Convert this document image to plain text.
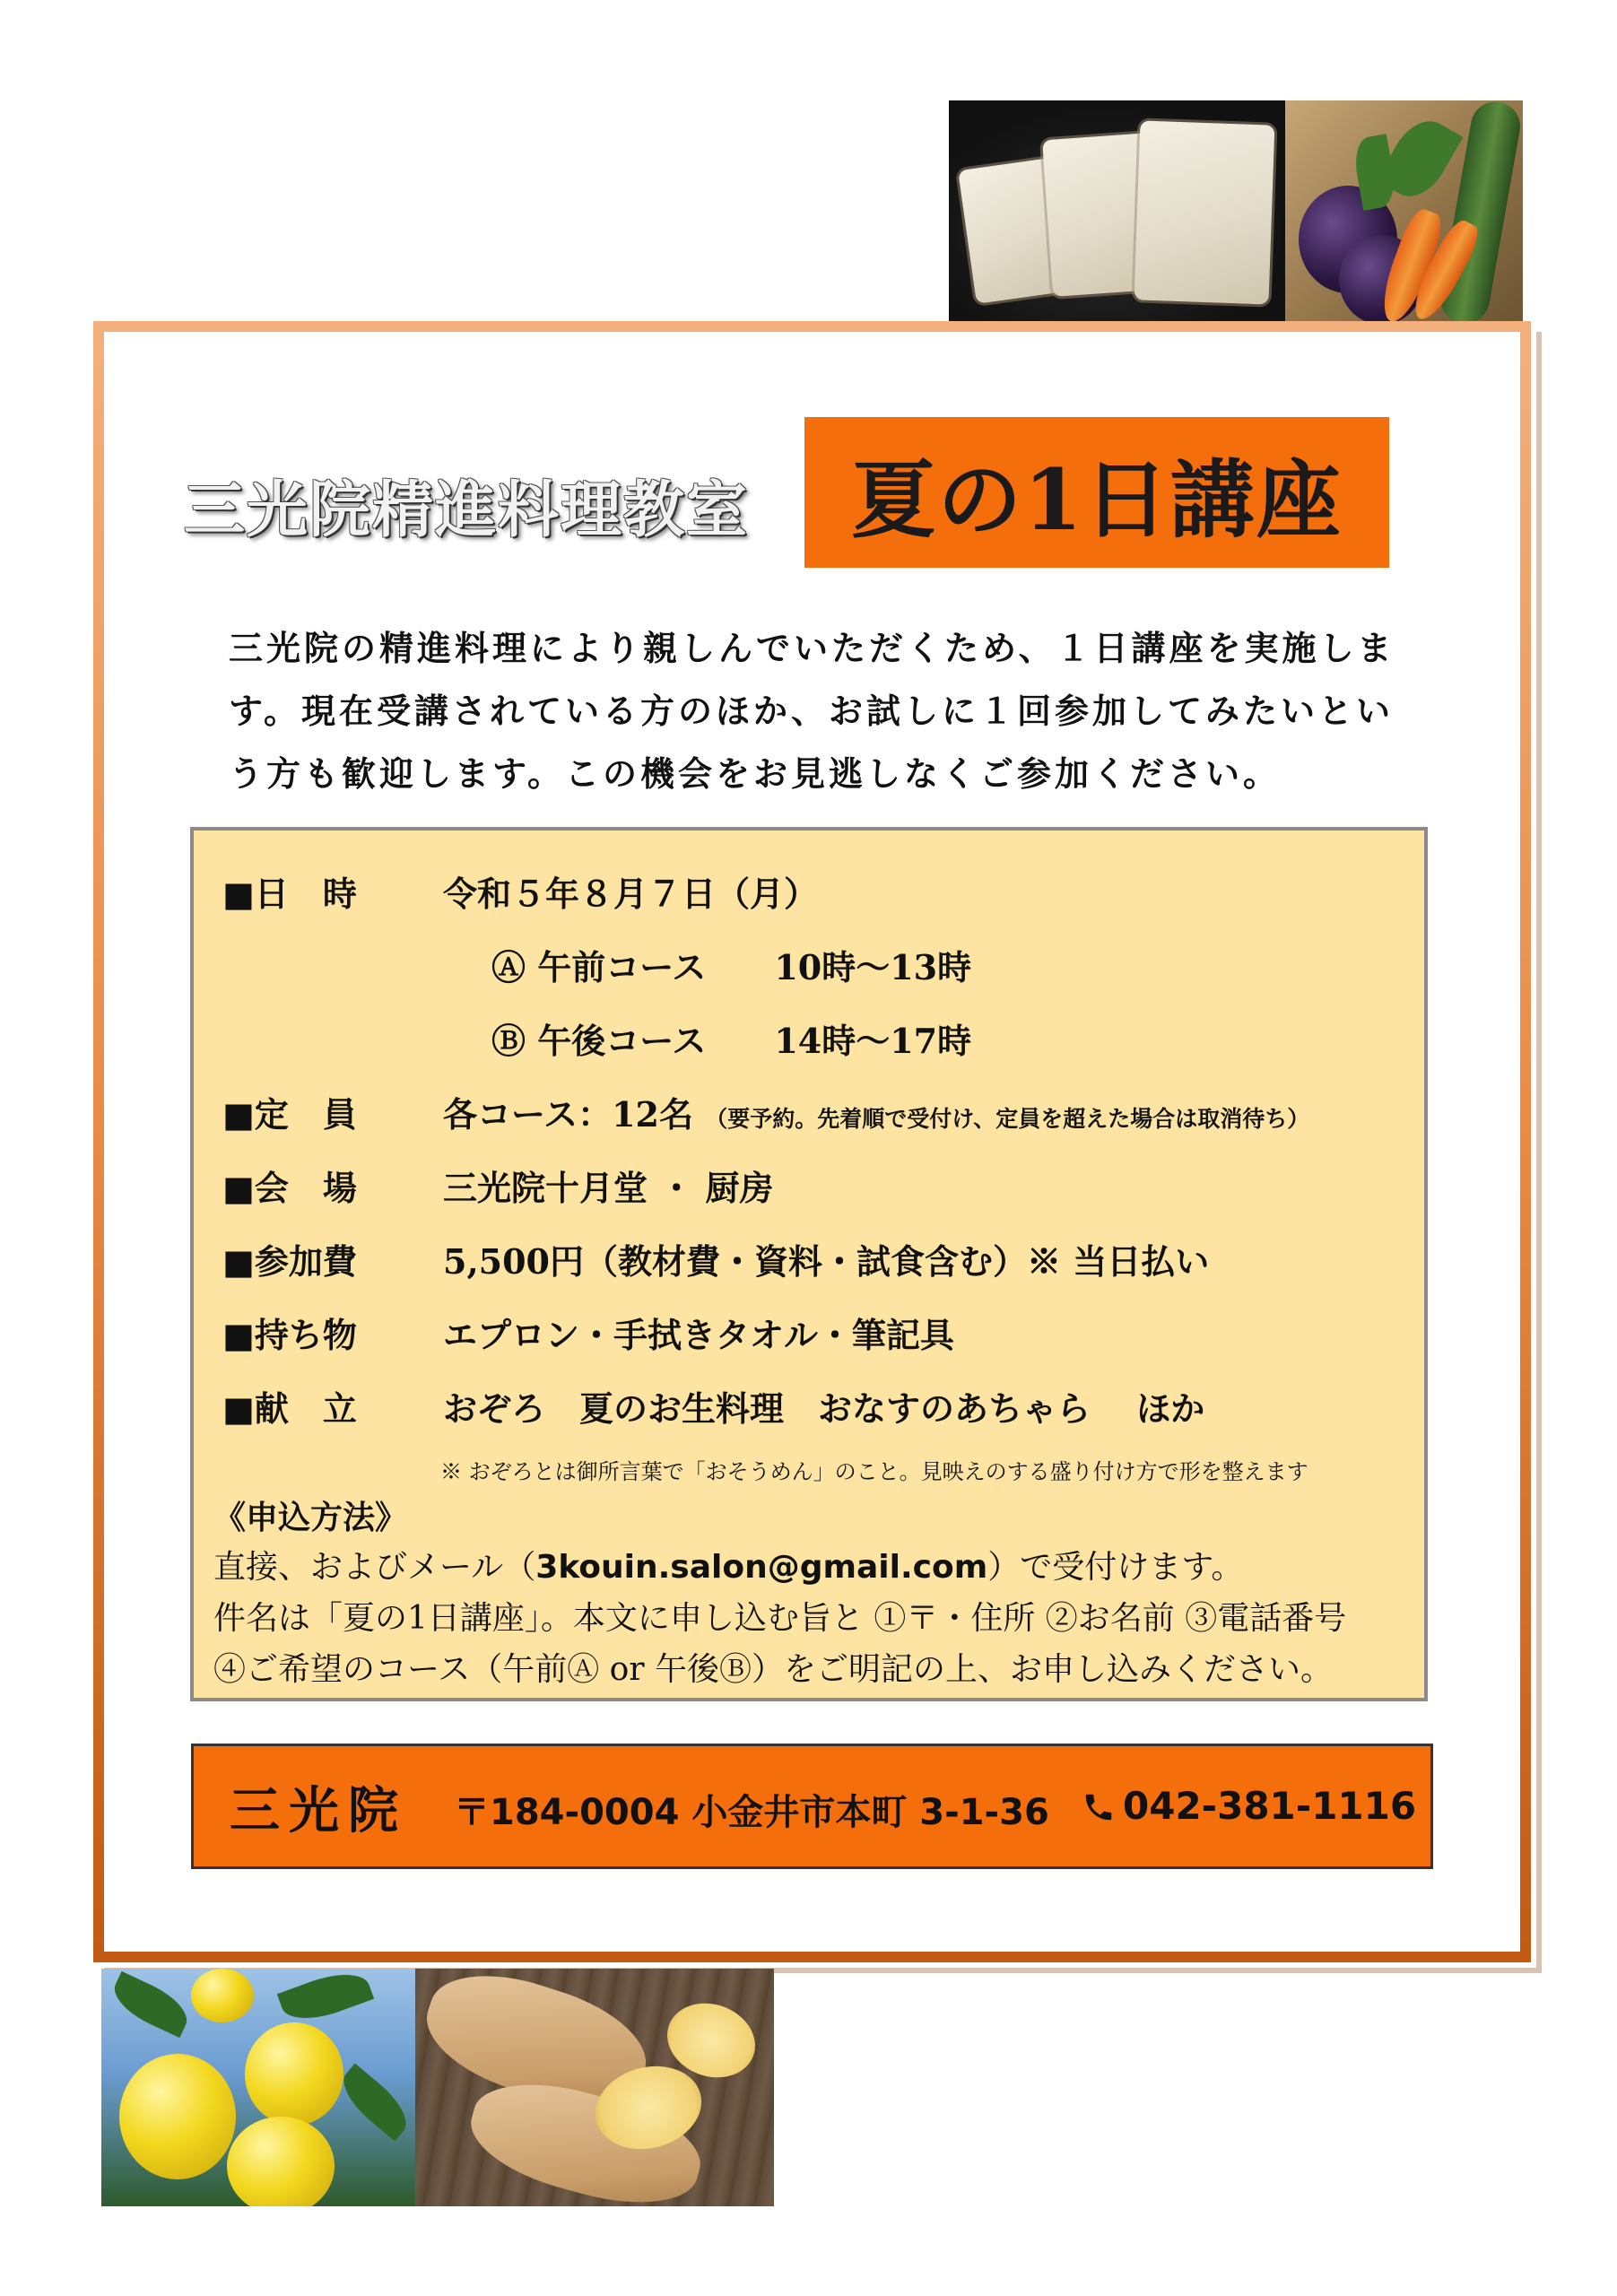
三光院精進料理教室 夏の1日講座
三光院の精進料理により親しんでいただくため、１日講座を実施しま
す。現在受講されている方のほか、お試しに１回参加してみたいとい
う方も歓迎します。この機会をお見逃しなくご参加ください。
■日　時	令和５年８月７日（月）
Ⓐ 午前コース　　10時～13時
Ⓑ 午後コース　　14時～17時
■定　員	各コース：12名 （要予約。先着順で受付け、定員を超えた場合は取消待ち）
■会　場	三光院十月堂 ・ 厨房
■参加費	5,500円（教材費・資料・試食含む）※ 当日払い
■持ち物	エプロン・手拭きタオル・筆記具
■献　立	おぞろ　夏のお生料理　おなすのあちゃら　 ほか
※ おぞろとは御所言葉で「おそうめん」のこと。見映えのする盛り付け方で形を整えます
《申込方法》
直接、およびメール（3kouin.salon@gmail.com）で受付けます。
件名は「夏の1日講座」。本文に申し込む旨と ①〒・住所 ②お名前 ③電話番号
④ご希望のコース（午前Ⓐ or 午後Ⓑ）をご明記の上、お申し込みください。
三光院 〒184-0004 小金井市本町 3-1-36	042-381-1116
